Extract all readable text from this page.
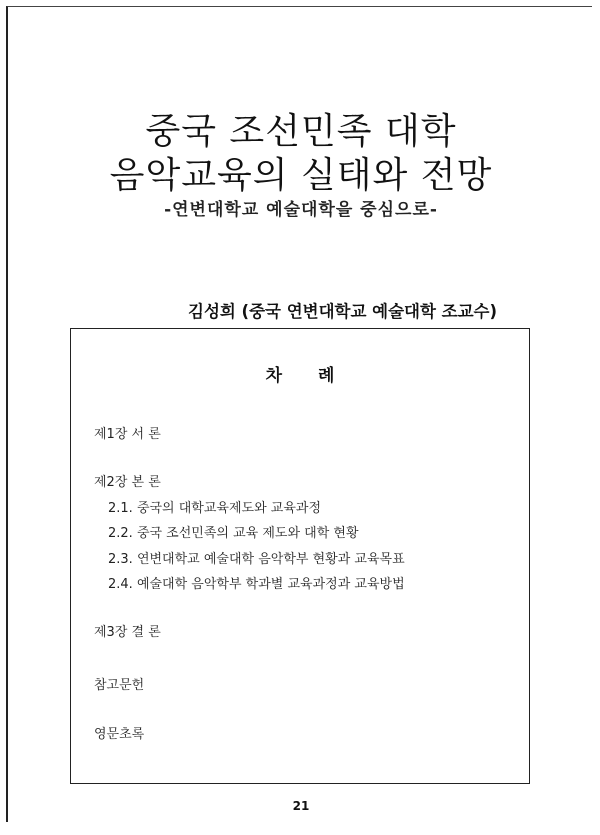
중국 조선민족 대학
음악교육의 실태와 전망
-연변대학교 예술대학을 중심으로-
김성희 (중국 연변대학교 예술대학 조교수)
차 례
제1장 서 론
제2장 본 론
2.1. 중국의 대학교육제도와 교육과정
2.2. 중국 조선민족의 교육 제도와 대학 현황
2.3. 연변대학교 예술대학 음악학부 현황과 교육목표
2.4. 예술대학 음악학부 학과별 교육과정과 교육방법
제3장 결 론
참고문헌
영문초록
21
